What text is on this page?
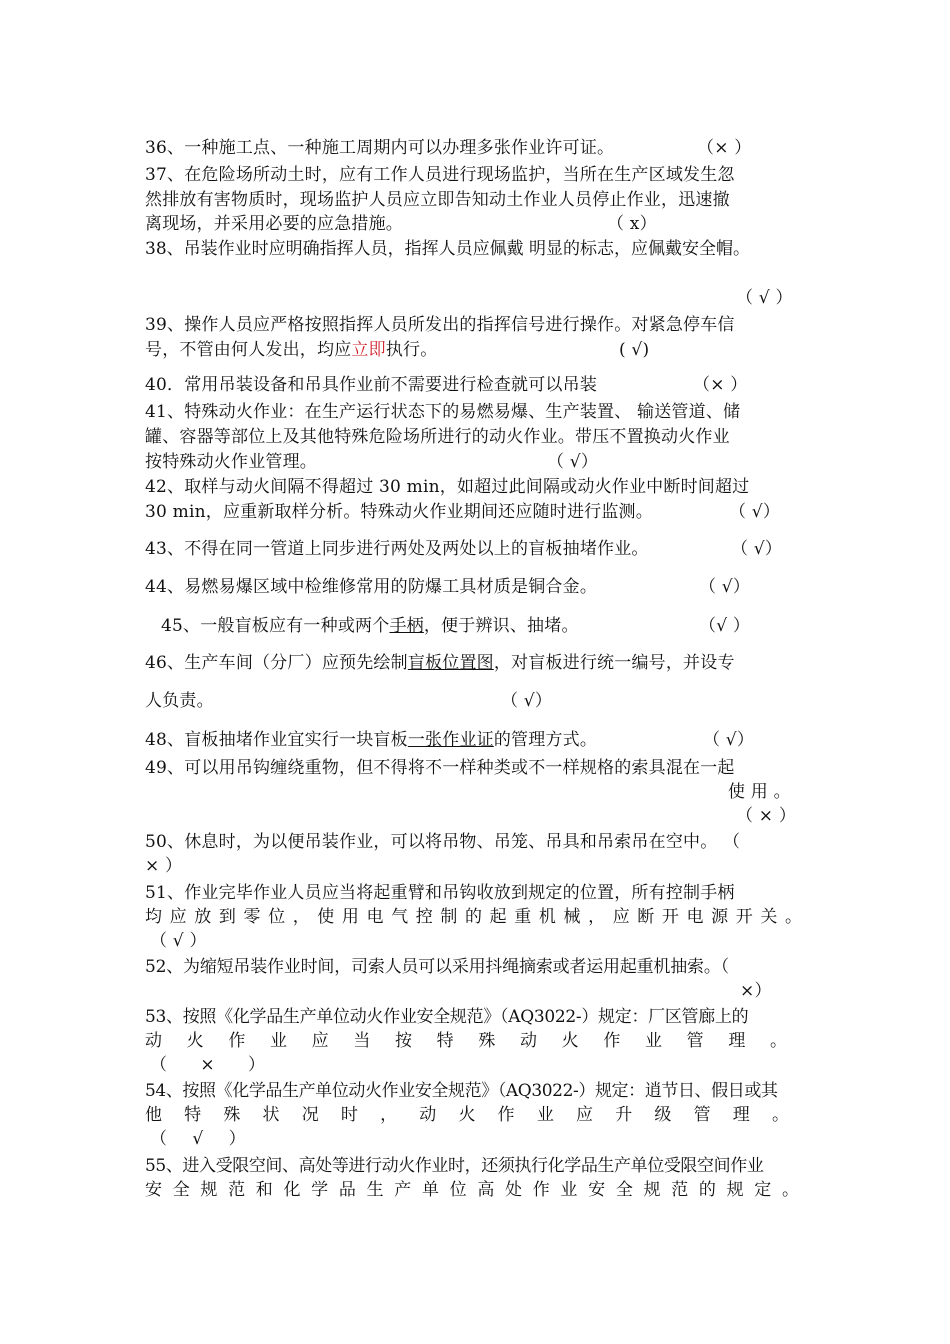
36、一种施工点、一种施工周期内可以办理多张作业许可证。	（× ）
37、在危险场所动土时，应有工作人员进行现场监护，当所在生产区域发生忽
然排放有害物质时，现场监护人员应立即告知动土作业人员停止作业，迅速撤
离现场，并采用必要的应急措施。	（ x）
38、吊装作业时应明确指挥人员，指挥人员应佩戴 明显的标志，应佩戴安全帽。
（ √ ）
39、操作人员应严格按照指挥人员所发出的指挥信号进行操作。对紧急停车信
号，不管由何人发出，均应立即执行。	( √)
40．常用吊装设备和吊具作业前不需要进行检查就可以吊装	（× ）
41、特殊动火作业：在生产运行状态下的易燃易爆、生产装置、 输送管道、储
罐、容器等部位上及其他特殊危险场所进行的动火作业。带压不置换动火作业
按特殊动火作业管理。	（ √）
42、取样与动火间隔不得超过 30 min，如超过此间隔或动火作业中断时间超过
30 min，应重新取样分析。特殊动火作业期间还应随时进行监测。	（ √）
43、不得在同一管道上同步进行两处及两处以上的盲板抽堵作业。	（ √）
44、易燃易爆区域中检维修常用的防爆工具材质是铜合金。	（ √）
45、一般盲板应有一种或两个手柄，便于辨识、抽堵。	（√ ）
46、生产车间（分厂）应预先绘制盲板位置图，对盲板进行统一编号，并设专
人负责。	（ √）
48、盲板抽堵作业宜实行一块盲板一张作业证的管理方式。	（ √）
49、可以用吊钩缠绕重物，但不得将不一样种类或不一样规格的索具混在一起
使 用 。
（ × ）
50、休息时，为以便吊装作业，可以将吊物、吊笼、吊具和吊索吊在空中。 （
× ）
51、作业完毕作业人员应当将起重臂和吊钩收放到规定的位置，所有控制手柄
均应放到零位，使用电气控制的起重机械，应断开电源开关。
（ √ ）
52、为缩短吊装作业时间，司索人员可以采用抖绳摘索或者运用起重机抽索。（
×）
53、按照《化学品生产单位动火作业安全规范》（AQ3022-）规定：厂区管廊上的
动火作业应当按特殊动火作业管理。
（ × ）
54、按照《化学品生产单位动火作业安全规范》（AQ3022-）规定：逍节日、假日或其
他特殊状况时，动火作业应升级管理。
（ √ ）
55、进入受限空间、高处等进行动火作业时，还须执行化学品生产单位受限空间作业
安全规范和化学品生产单位高处作业安全规范的规定。
